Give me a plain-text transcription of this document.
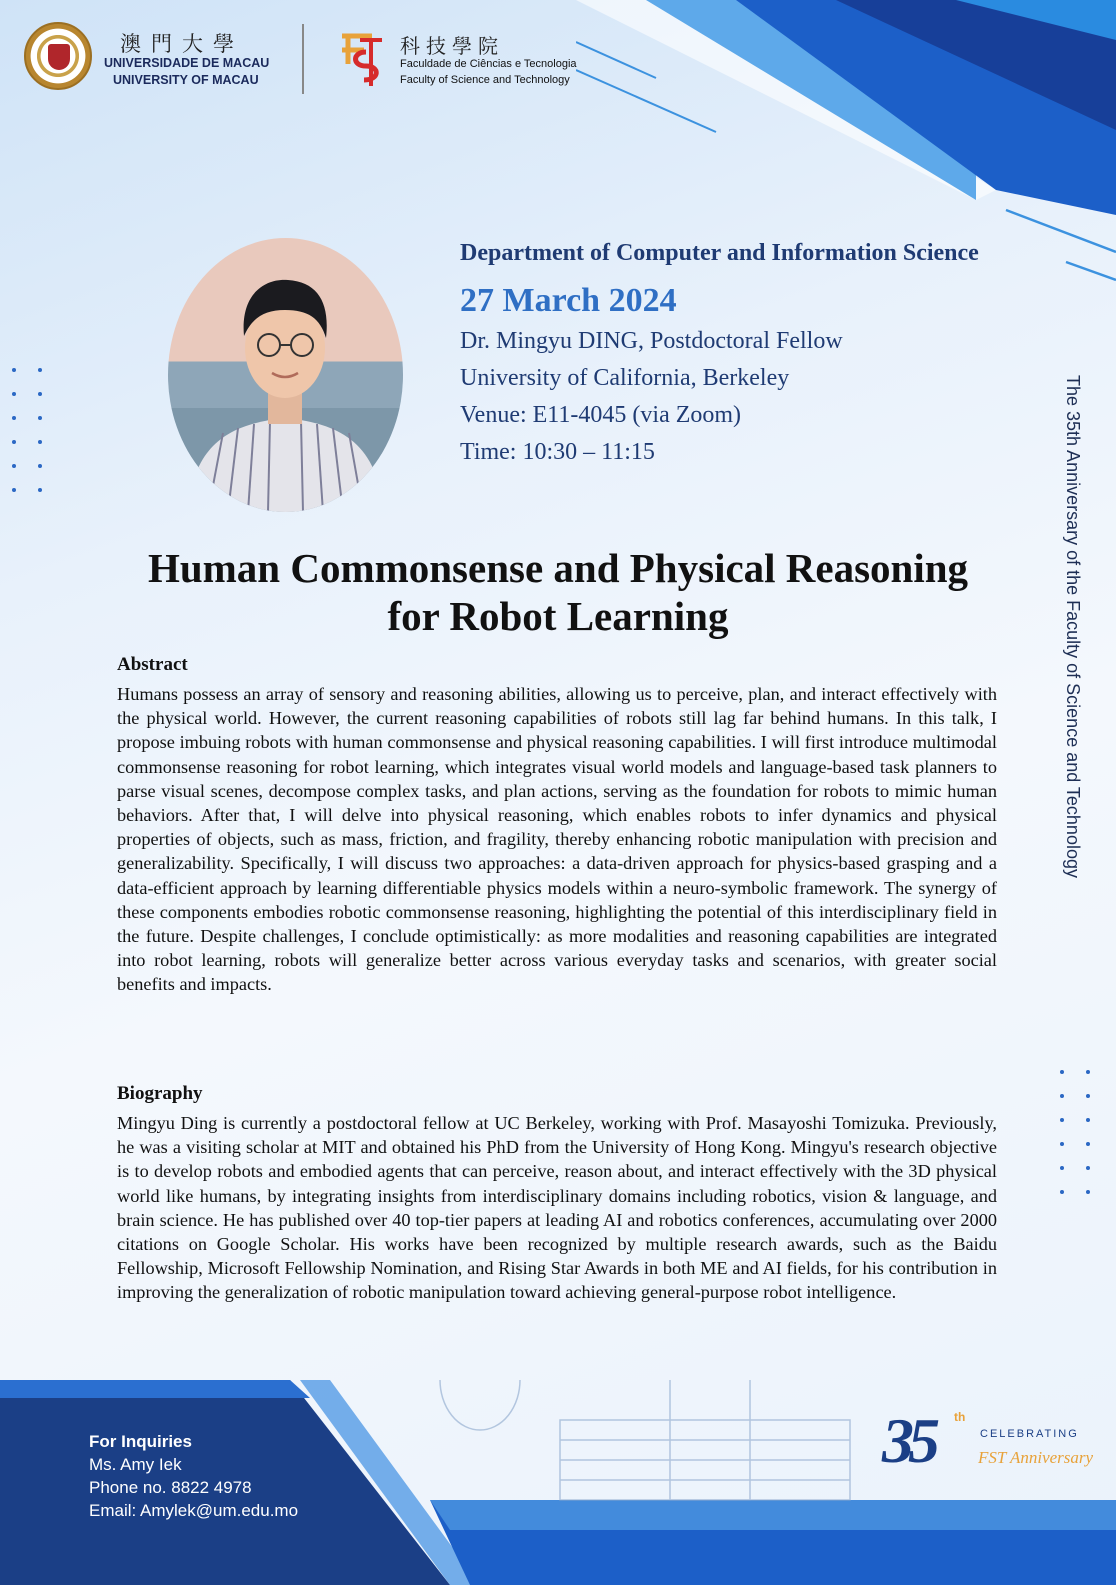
澳門大學
UNIVERSIDADE DE MACAU
UNIVERSITY OF MACAU
科技學院
Faculdade de Ciências e Tecnologia
Faculty of Science and Technology
Department of Computer and Information Science
27 March 2024
Dr. Mingyu DING, Postdoctoral Fellow
University of California, Berkeley
Venue: E11-4045 (via Zoom)
Time: 10:30 – 11:15	The 35th Anniversary of the Faculty of Science and Technology
Human Commonsense and Physical Reasoning
for Robot Learning
Abstract
Humans possess an array of sensory and reasoning abilities, allowing us to perceive, plan, and interact effectively with the physical world. However, the current reasoning capabilities of robots still lag far behind humans. In this talk, I propose imbuing robots with human commonsense and physical reasoning capabilities. I will first introduce multimodal commonsense reasoning for robot learning, which integrates visual world models and language-based task planners to parse visual scenes, decompose complex tasks, and plan actions, serving as the foundation for robots to mimic human behaviors. After that, I will delve into physical reasoning, which enables robots to infer dynamics and physical properties of objects, such as mass, friction, and fragility, thereby enhancing robotic manipulation with precision and generalizability. Specifically, I will discuss two approaches: a data-driven approach for physics-based grasping and a data-efficient approach by learning differentiable physics models within a neuro-symbolic framework. The synergy of these components embodies robotic commonsense reasoning, highlighting the potential of this interdisciplinary field in the future. Despite challenges, I conclude optimistically: as more modalities and reasoning capabilities are integrated into robot learning, robots will generalize better across various everyday tasks and scenarios, with greater social benefits and impacts.
Biography
Mingyu Ding is currently a postdoctoral fellow at UC Berkeley, working with Prof. Masayoshi Tomizuka. Previously, he was a visiting scholar at MIT and obtained his PhD from the University of Hong Kong. Mingyu's research objective is to develop robots and embodied agents that can perceive, reason about, and interact effectively with the 3D physical world like humans, by integrating insights from interdisciplinary domains including robotics, vision & language, and brain science. He has published over 40 top-tier papers at leading AI and robotics conferences, accumulating over 2000 citations on Google Scholar. His works have been recognized by multiple research awards, such as the Baidu Fellowship, Microsoft Fellowship Nomination, and Rising Star Awards in both ME and AI fields, for his contribution in improving the generalization of robotic manipulation toward achieving general-purpose robot intelligence.
For Inquiries
Ms. Amy Iek
Phone no. 8822 4978
Email: Amylek@um.edu.mo
35 th
CELEBRATING
FST Anniversary
